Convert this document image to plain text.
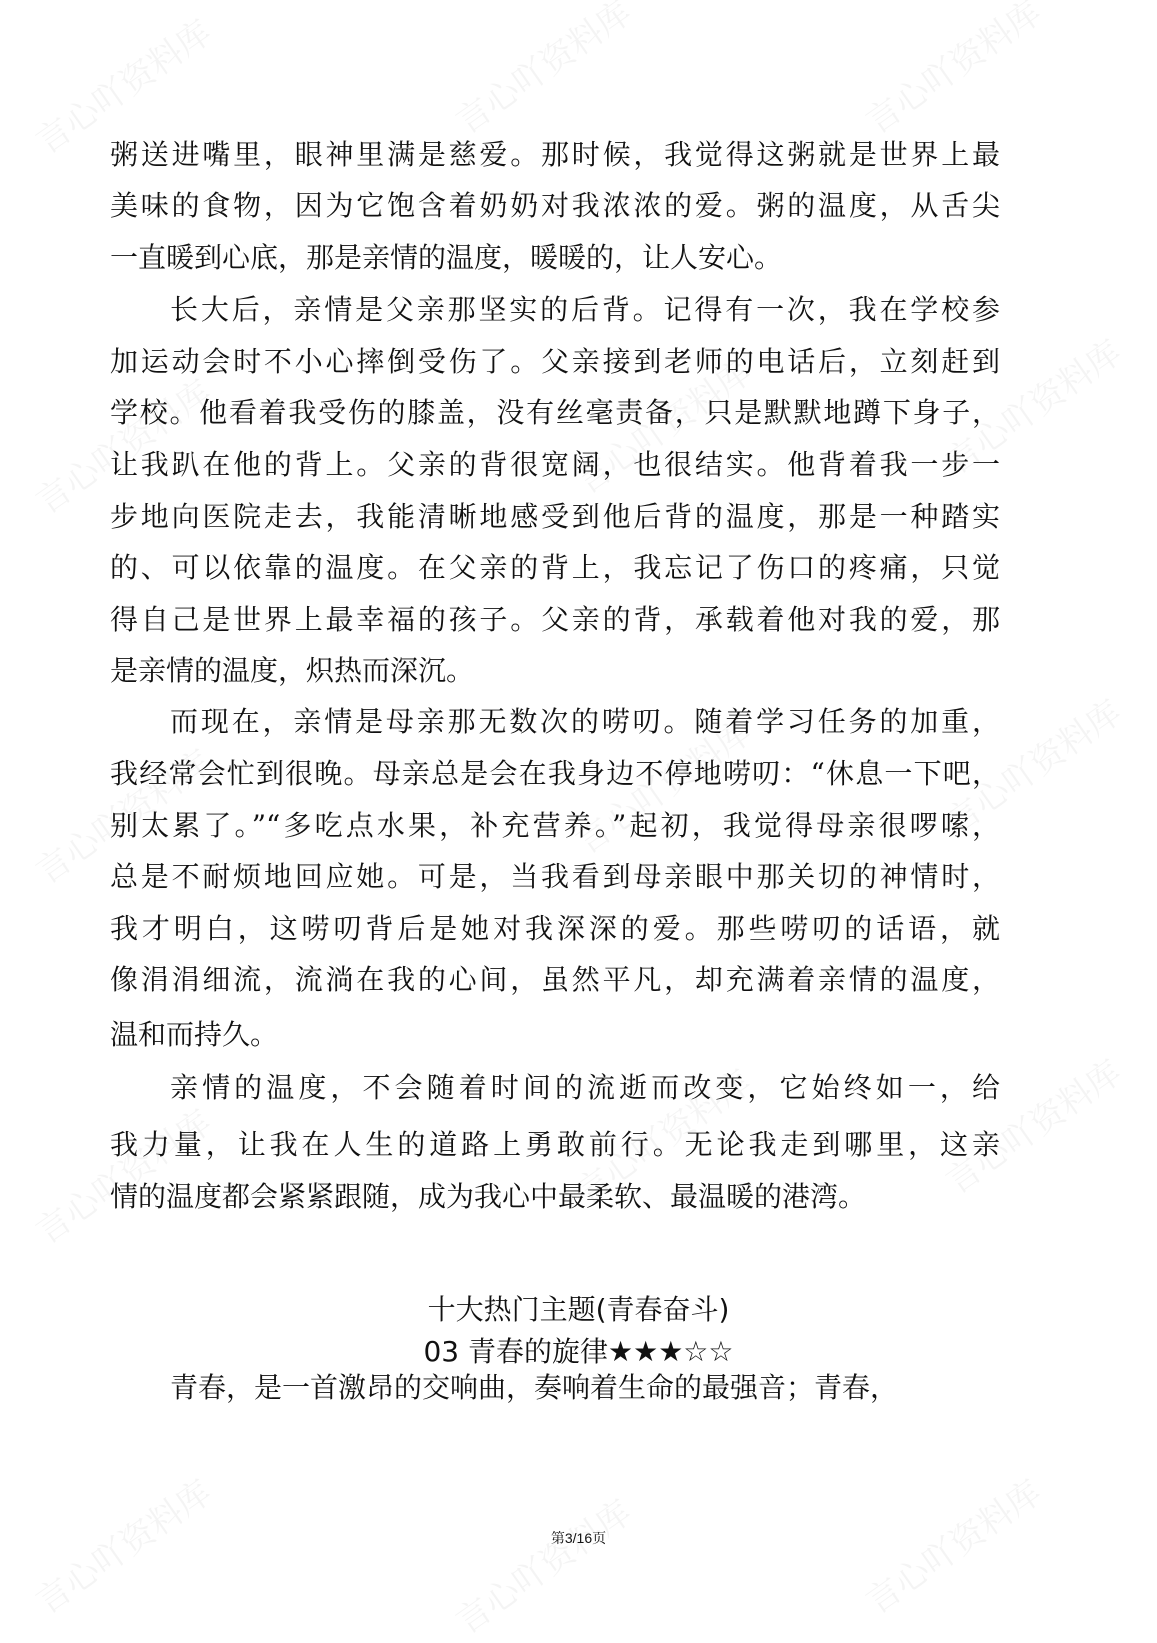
粥送进嘴里，眼神里满是慈爱。那时候，我觉得这粥就是世界上最
美味的食物，因为它饱含着奶奶对我浓浓的爱。粥的温度，从舌尖
一直暖到心底，那是亲情的温度，暖暖的，让人安心。
长大后，亲情是父亲那坚实的后背。记得有一次，我在学校参
加运动会时不小心摔倒受伤了。父亲接到老师的电话后，立刻赶到
学校。他看着我受伤的膝盖，没有丝毫责备，只是默默地蹲下身子，
让我趴在他的背上。父亲的背很宽阔，也很结实。他背着我一步一
步地向医院走去，我能清晰地感受到他后背的温度，那是一种踏实
的、可以依靠的温度。在父亲的背上，我忘记了伤口的疼痛，只觉
得自己是世界上最幸福的孩子。父亲的背，承载着他对我的爱，那
是亲情的温度，炽热而深沉。
而现在，亲情是母亲那无数次的唠叨。随着学习任务的加重，
我经常会忙到很晚。母亲总是会在我身边不停地唠叨：“休息一下吧，
别太累了。”“多吃点水果，补充营养。”起初，我觉得母亲很啰嗦，
总是不耐烦地回应她。可是，当我看到母亲眼中那关切的神情时，
我才明白，这唠叨背后是她对我深深的爱。那些唠叨的话语，就
像涓涓细流，流淌在我的心间，虽然平凡，却充满着亲情的温度，
温和而持久。
亲情的温度，不会随着时间的流逝而改变，它始终如一，给
我力量，让我在人生的道路上勇敢前行。无论我走到哪里，这亲
情的温度都会紧紧跟随，成为我心中最柔软、最温暖的港湾。
十大热门主题(青春奋斗)
03 青春的旋律★★★☆☆
青春，是一首激昂的交响曲，奏响着生命的最强音；青春，
第3/16页
